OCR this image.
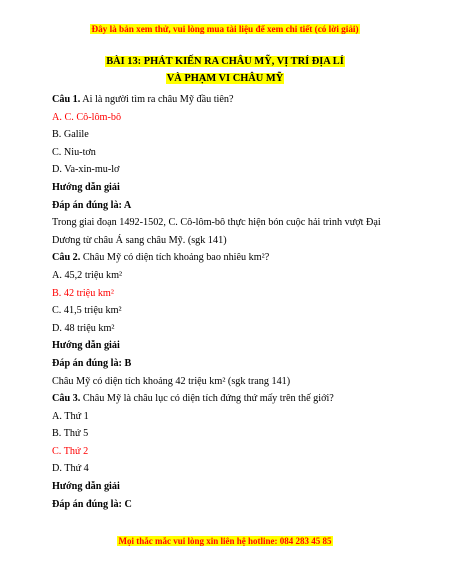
Đây là bản xem thử, vui lòng mua tài liệu để xem chi tiết (có lời giải)
BÀI 13: PHÁT KIẾN RA CHÂU MỸ, VỊ TRÍ ĐỊA LÍ
VÀ PHẠM VI CHÂU MỸ
Câu 1. Ai là người tìm ra châu Mỹ đầu tiên?
A. C. Cô-lôm-bô
B. Galile
C. Niu-tơn
D. Va-xin-mu-lơ
Hướng dẫn giải
Đáp án đúng là: A
Trong giai đoạn 1492-1502, C. Cô-lôm-bô thực hiện bón cuộc hải trình vượt Đại
Dương từ châu Á sang châu Mỹ. (sgk 141)
Câu 2. Châu Mỹ có diện tích khoảng bao nhiêu km²?
A. 45,2 triệu km²
B. 42 triệu km²
C. 41,5 triệu km²
D. 48 triệu km²
Hướng dẫn giải
Đáp án đúng là: B
Châu Mỹ có diện tích khoảng 42 triệu km² (sgk trang 141)
Câu 3. Châu Mỹ là châu lục có diện tích đứng thứ mấy trên thế giới?
A. Thứ 1
B. Thứ 5
C. Thứ 2
D. Thứ 4
Hướng dẫn giải
Đáp án đúng là: C
Mọi thắc mắc vui lòng xin liên hệ hotline: 084 283 45 85
